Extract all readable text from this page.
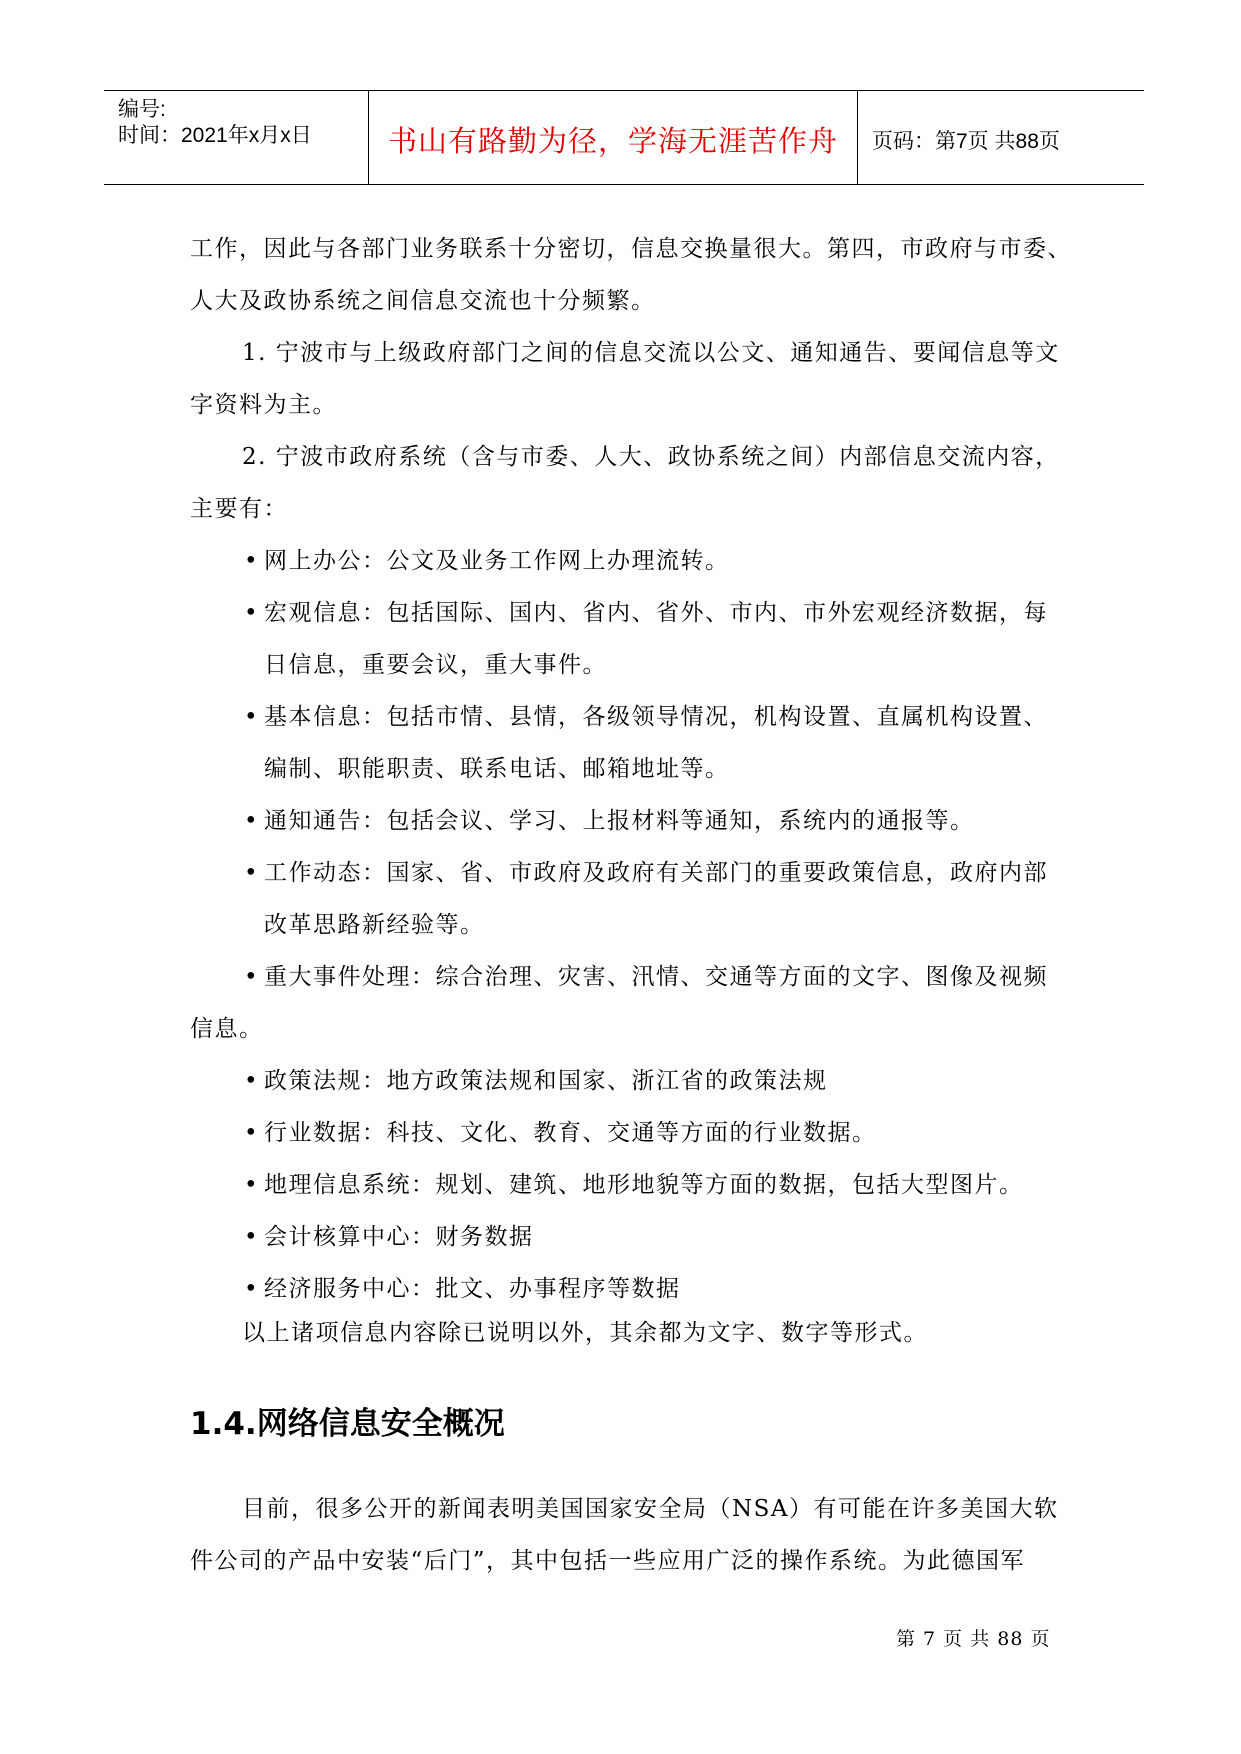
编号:
时间：2021年x月x日	书山有路勤为径，学海无涯苦作舟	页码：第7页 共88页
工作，因此与各部门业务联系十分密切，信息交换量很大。第四，市政府与市委、
人大及政协系统之间信息交流也十分频繁。
1. 宁波市与上级政府部门之间的信息交流以公文、通知通告、要闻信息等文
字资料为主。
2. 宁波市政府系统（含与市委、人大、政协系统之间）内部信息交流内容，
主要有：
• 网上办公：公文及业务工作网上办理流转。
• 宏观信息：包括国际、国内、省内、省外、市内、市外宏观经济数据，每
日信息，重要会议，重大事件。
• 基本信息：包括市情、县情，各级领导情况，机构设置、直属机构设置、
编制、职能职责、联系电话、邮箱地址等。
• 通知通告：包括会议、学习、上报材料等通知，系统内的通报等。
• 工作动态：国家、省、市政府及政府有关部门的重要政策信息，政府内部
改革思路新经验等。
• 重大事件处理：综合治理、灾害、汛情、交通等方面的文字、图像及视频
信息。
• 政策法规：地方政策法规和国家、浙江省的政策法规
• 行业数据：科技、文化、教育、交通等方面的行业数据。
• 地理信息系统：规划、建筑、地形地貌等方面的数据，包括大型图片。
• 会计核算中心：财务数据
• 经济服务中心：批文、办事程序等数据
以上诸项信息内容除已说明以外，其余都为文字、数字等形式。
1.4.网络信息安全概况
目前，很多公开的新闻表明美国国家安全局（NSA）有可能在许多美国大软
件公司的产品中安装“后门”，其中包括一些应用广泛的操作系统。为此德国军
第 7 页 共 88 页
